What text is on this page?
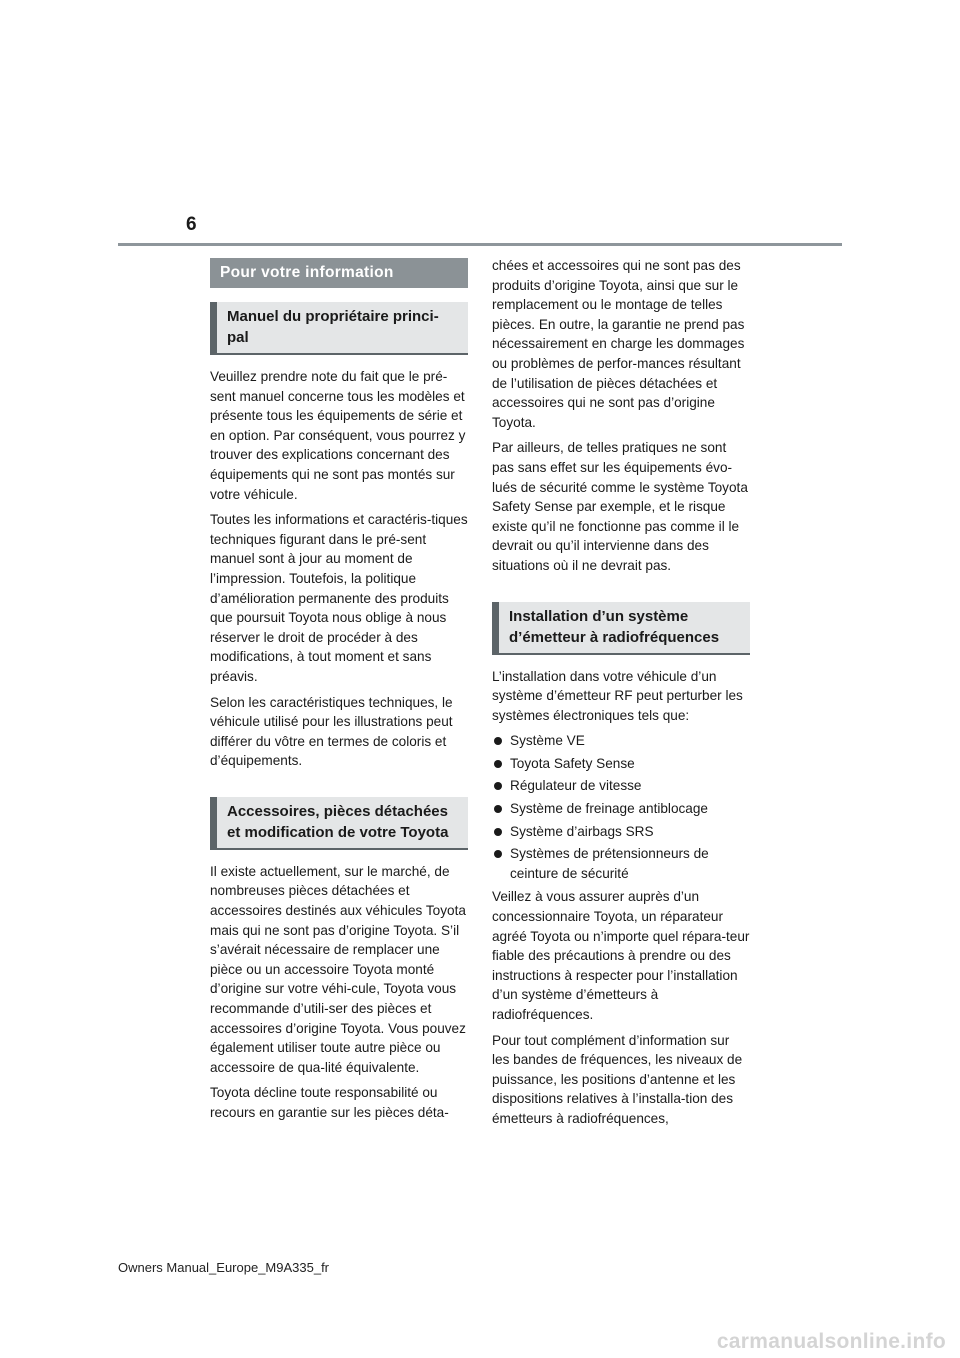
6
Pour votre information
Manuel du propriétaire princi-pal

Veuillez prendre note du fait que le pré-sent manuel concerne tous les modèles et présente tous les équipements de série et en option. Par conséquent, vous pourrez y trouver des explications concernant des équipements qui ne sont pas montés sur votre véhicule.

Toutes les informations et caractéris-tiques techniques figurant dans le pré-sent manuel sont à jour au moment de l’impression. Toutefois, la politique d’amélioration permanente des produits que poursuit Toyota nous oblige à nous réserver le droit de procéder à des modifications, à tout moment et sans préavis.

Selon les caractéristiques techniques, le véhicule utilisé pour les illustrations peut différer du vôtre en termes de coloris et d’équipements.

Accessoires, pièces détachées et modification de votre Toyota

Il existe actuellement, sur le marché, de nombreuses pièces détachées et accessoires destinés aux véhicules Toyota mais qui ne sont pas d’origine Toyota. S’il s’avérait nécessaire de remplacer une pièce ou un accessoire Toyota monté d’origine sur votre véhi-cule, Toyota vous recommande d’utili-ser des pièces et accessoires d’origine Toyota. Vous pouvez également utiliser toute autre pièce ou accessoire de qua-lité équivalente.

Toyota décline toute responsabilité ou recours en garantie sur les pièces déta-

chées et accessoires qui ne sont pas des produits d’origine Toyota, ainsi que sur le remplacement ou le montage de telles pièces. En outre, la garantie ne prend pas nécessairement en charge les dommages ou problèmes de perfor-mances résultant de l’utilisation de pièces détachées et accessoires qui ne sont pas d’origine Toyota.

Par ailleurs, de telles pratiques ne sont pas sans effet sur les équipements évo-lués de sécurité comme le système Toyota Safety Sense par exemple, et le risque existe qu’il ne fonctionne pas comme il le devrait ou qu’il intervienne dans des situations où il ne devrait pas.

Installation d’un système d’émetteur à radiofréquences

L’installation dans votre véhicule d’un système d’émetteur RF peut perturber les systèmes électroniques tels que:

Système VE
Toyota Safety Sense
Régulateur de vitesse
Système de freinage antiblocage
Système d’airbags SRS
Systèmes de prétensionneurs de ceinture de sécurité

Veillez à vous assurer auprès d’un concessionnaire Toyota, un réparateur agréé Toyota ou n’importe quel répara-teur fiable des précautions à prendre ou des instructions à respecter pour l’installation d’un système d’émetteurs à radiofréquences.

Pour tout complément d’information sur les bandes de fréquences, les niveaux de puissance, les positions d’antenne et les dispositions relatives à l’installa-tion des émetteurs à radiofréquences,

Owners Manual_Europe_M9A335_fr
carmanualsonline.info
